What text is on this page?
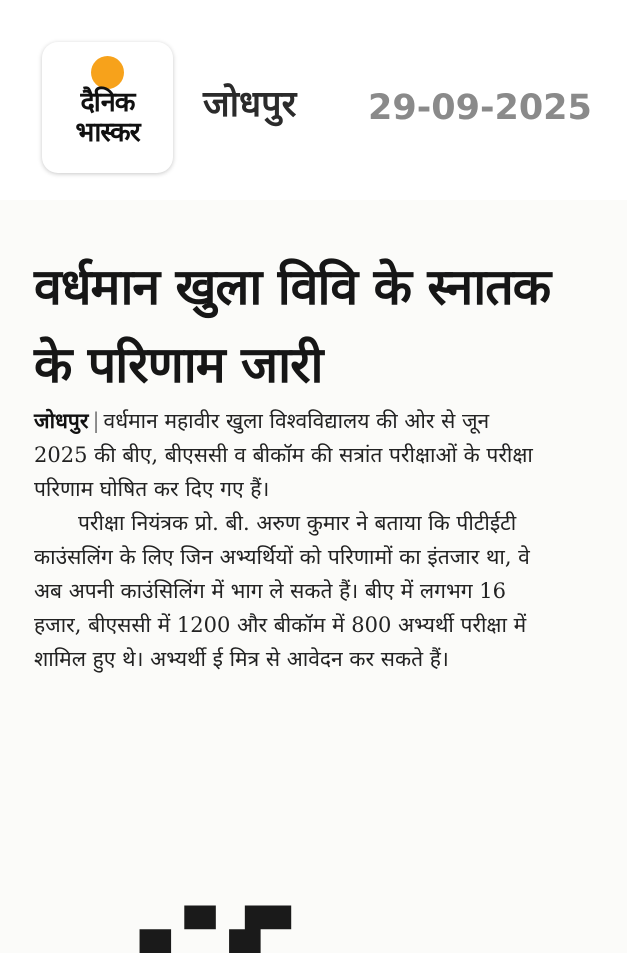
दैनिक
भास्कर
जोधपुर 29-09-2025
वर्धमान खुला विवि के स्नातक के परिणाम जारी

जोधपुर | वर्धमान महावीर खुला विश्वविद्यालय की ओर से जून 2025 की बीए, बीएससी व बीकॉम की सत्रांत परीक्षाओं के परीक्षा परिणाम घोषित कर दिए गए हैं।

परीक्षा नियंत्रक प्रो. बी. अरुण कुमार ने बताया कि पीटीईटी काउंसलिंग के लिए जिन अभ्यर्थियों को परिणामों का इंतजार था, वे अब अपनी काउंसिलिंग में भाग ले सकते हैं। बीए में लगभग 16 हजार, बीएससी में 1200 और बीकॉम में 800 अभ्यर्थी परीक्षा में शामिल हुए थे। अभ्यर्थी ई मित्र से आवेदन कर सकते हैं।

▄ ▀ ▟▀
